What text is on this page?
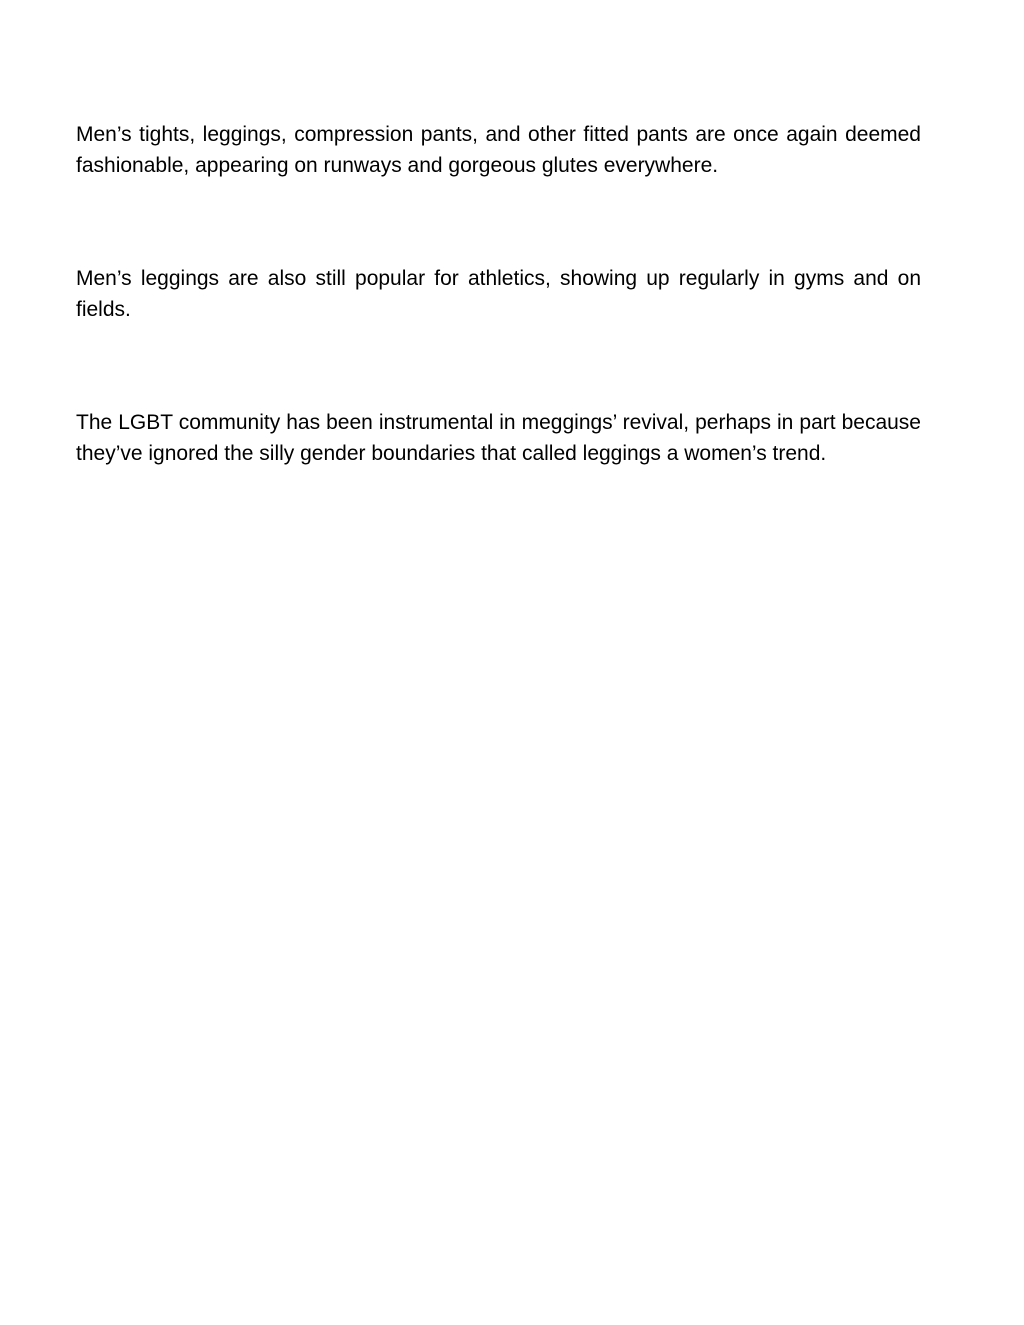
Men’s tights, leggings, compression pants, and other fitted pants are once again deemed fashionable, appearing on runways and gorgeous glutes everywhere.

Men’s leggings are also still popular for athletics, showing up regularly in gyms and on fields.

The LGBT community has been instrumental in meggings’ revival, perhaps in part because they’ve ignored the silly gender boundaries that called leggings a women’s trend.
